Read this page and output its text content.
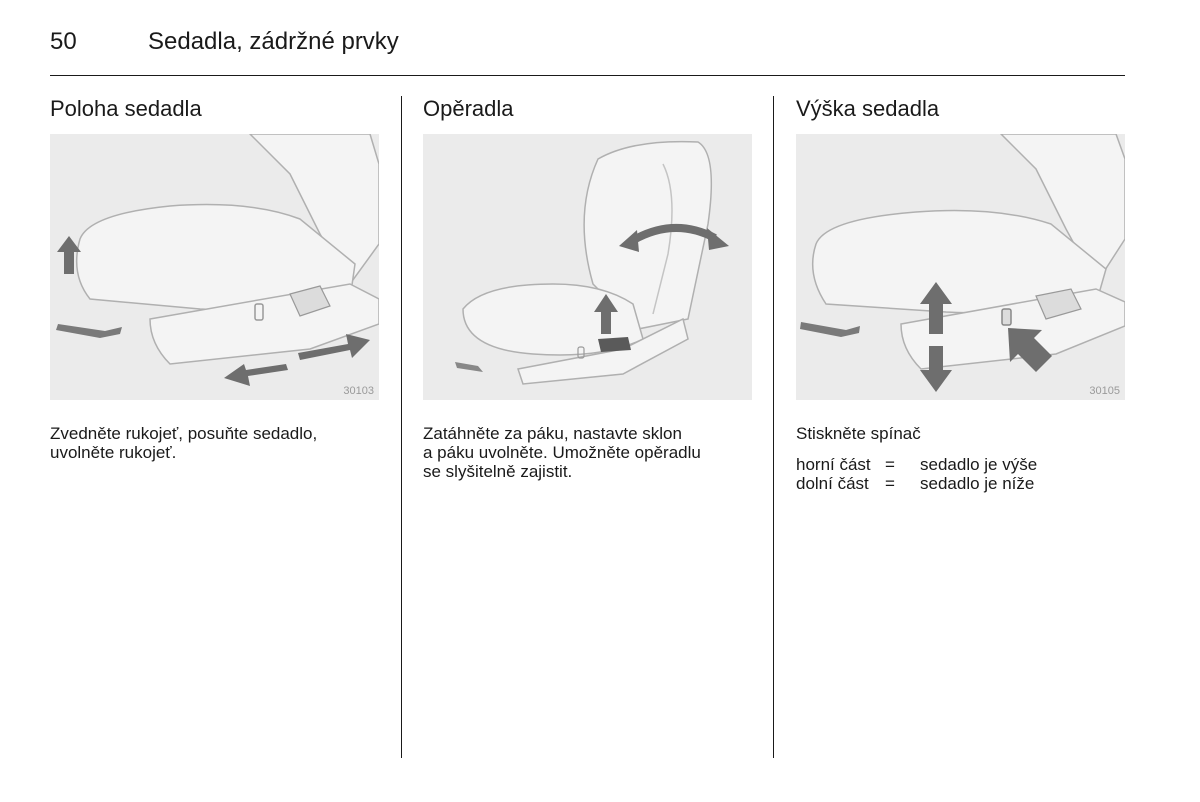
50	Sedadla, zádržné prvky
Poloha sedadla
30103

Zvedněte rukojeť, posuňte sedadlo,
uvolněte rukojeť.

Opěradla

Zatáhněte za páku, nastavte sklon
a páku uvolněte. Umožněte opěradlu
se slyšitelně zajistit.

Výška sedadla
30105

Stiskněte spínač

horní část =	sedadlo je výše
dolní část =	sedadlo je níže
